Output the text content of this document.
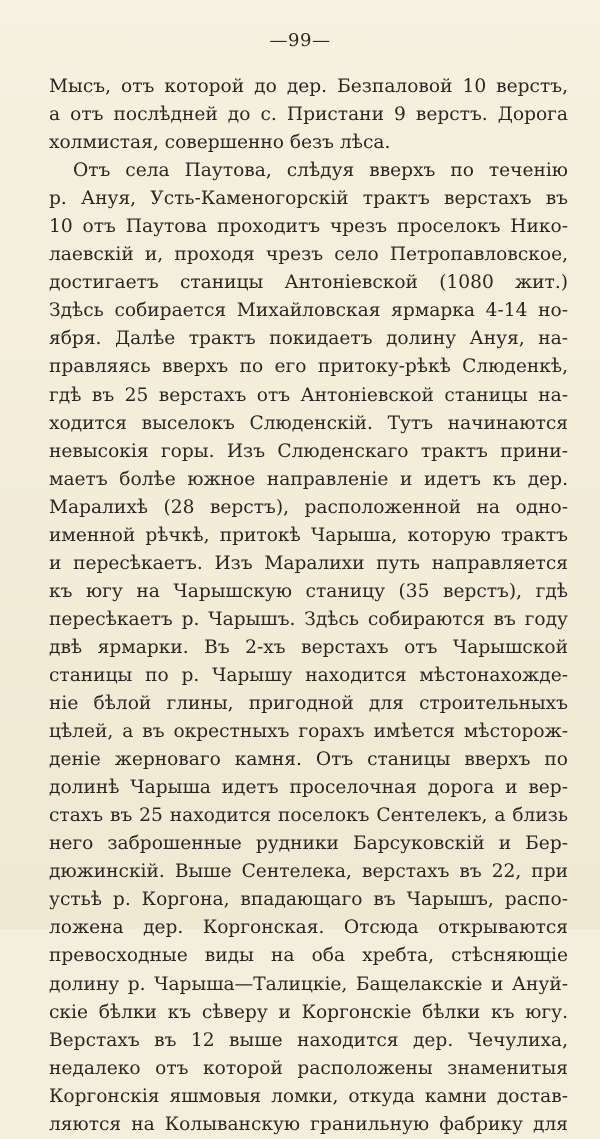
—99—
Мысъ, отъ которой до дер. Безпаловой 10 верстъ,
а отъ послѣдней до с. Пристани 9 верстъ. Дорога
холмистая, совершенно безъ лѣса.
Отъ села Паутова, слѣдуя вверхъ по теченію
р. Ануя, Усть-Каменогорскій трактъ верстахъ въ
10 отъ Паутова проходитъ чрезъ проселокъ Нико-
лаевскій и, проходя чрезъ село Петропавловское,
достигаетъ станицы Антоніевской (1080 жит.)
Здѣсь собирается Михайловская ярмарка 4-14 но-
ября. Далѣе трактъ покидаетъ долину Ануя, на-
правляясь вверхъ по его притоку-рѣкѣ Слюденкѣ,
гдѣ въ 25 верстахъ отъ Антоніевской станицы на-
ходится выселокъ Слюденскій. Тутъ начинаются
невысокія горы. Изъ Слюденскаго трактъ прини-
маетъ болѣе южное направленіе и идетъ къ дер.
Маралихѣ (28 верстъ), расположенной на одно-
именной рѣчкѣ, притокѣ Чарыша, которую трактъ
и пересѣкаетъ. Изъ Маралихи путь направляется
къ югу на Чарышскую станицу (35 верстъ), гдѣ
пересѣкаетъ р. Чарышъ. Здѣсь собираются въ году
двѣ ярмарки. Въ 2-хъ верстахъ отъ Чарышской
станицы по р. Чарышу находится мѣстонахожде-
ніе бѣлой глины, пригодной для строительныхъ
цѣлей, а въ окрестныхъ горахъ имѣется мѣсторож-
деніе жерноваго камня. Отъ станицы вверхъ по
долинѣ Чарыша идетъ проселочная дорога и вер-
стахъ въ 25 находится поселокъ Сентелекъ, а близь
него заброшенные рудники Барсуковскій и Бер-
дюжинскій. Выше Сентелека, верстахъ въ 22, при
устьѣ р. Коргона, впадающаго въ Чарышъ, распо-
ложена дер. Коргонская. Отсюда открываются
превосходные виды на оба хребта, стѣсняющіе
долину р. Чарыша—Талицкіе, Бащелакскіе и Ануй-
скіе бѣлки къ сѣверу и Коргонскіе бѣлки къ югу.
Верстахъ въ 12 выше находится дер. Чечулиха,
недалеко отъ которой расположены знаменитыя
Коргонскія яшмовыя ломки, откуда камни достав-
ляются на Колыванскую гранильную фабрику для
